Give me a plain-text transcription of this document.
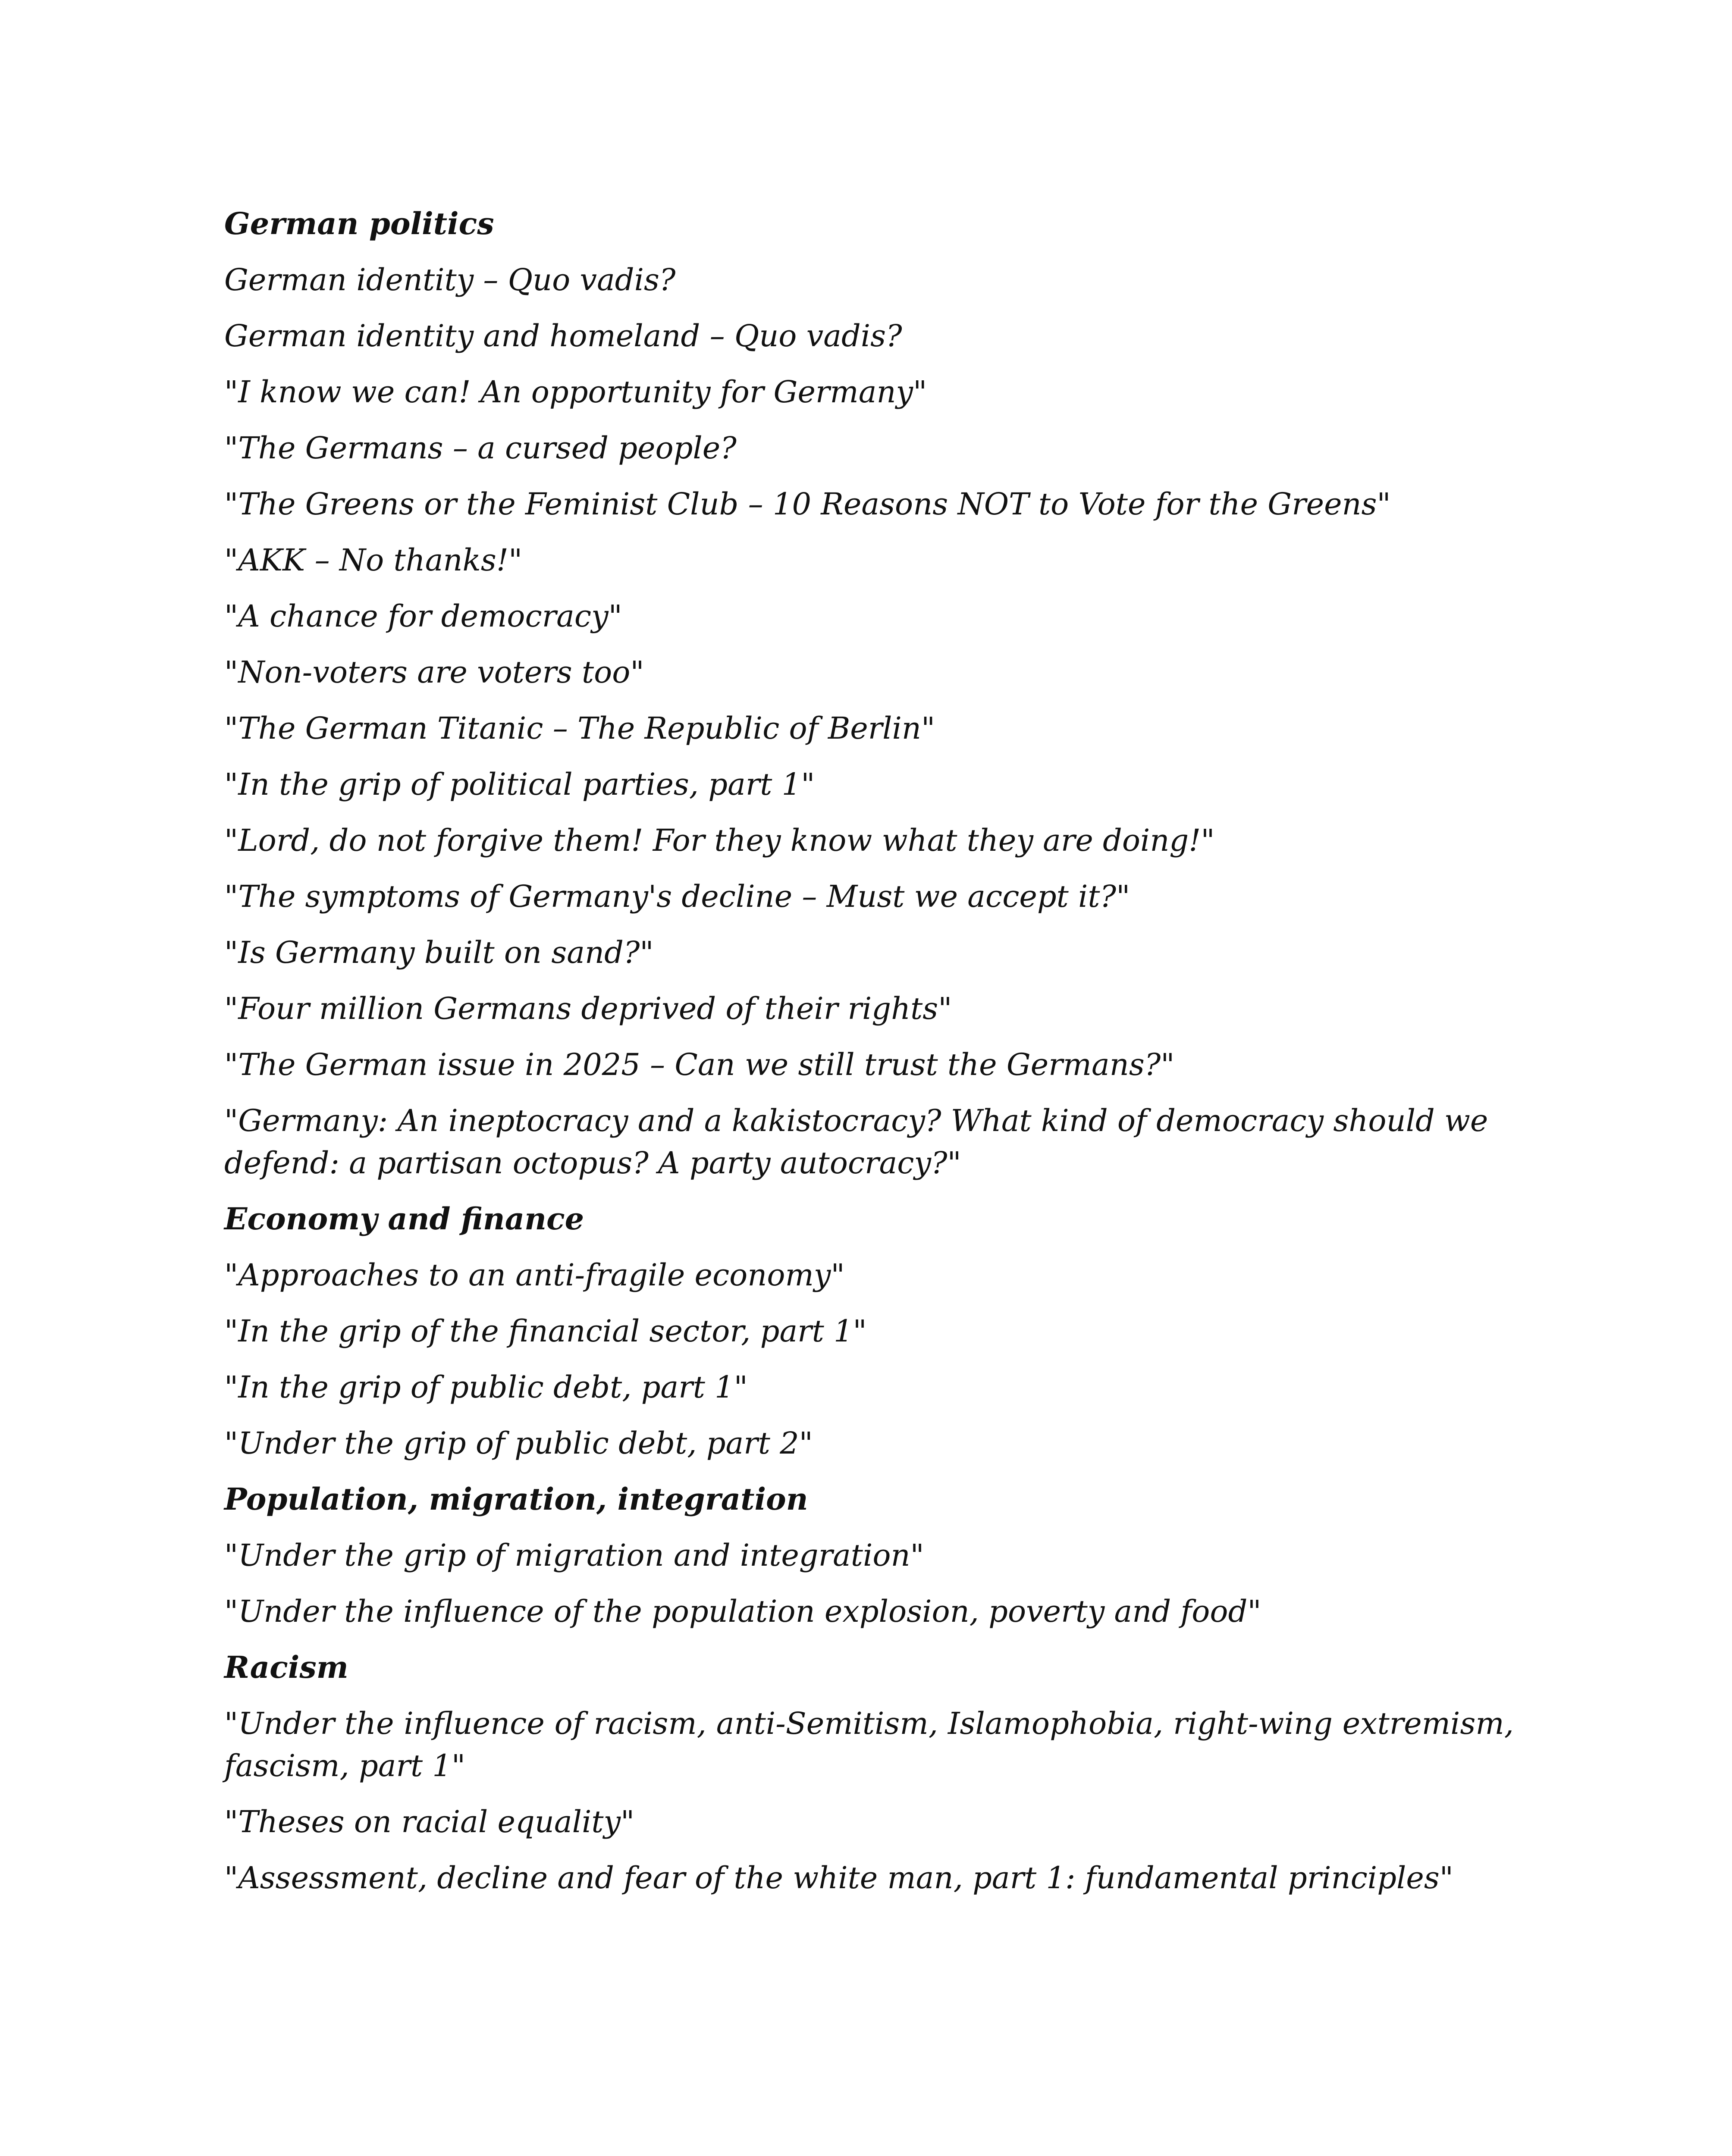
German politics
German identity – Quo vadis?
German identity and homeland – Quo vadis?
"I know we can! An opportunity for Germany"
"The Germans – a cursed people?
"The Greens or the Feminist Club – 10 Reasons NOT to Vote for the Greens"
"AKK – No thanks!"
"A chance for democracy"
"Non-voters are voters too"
"The German Titanic – The Republic of Berlin"
"In the grip of political parties, part 1"
"Lord, do not forgive them! For they know what they are doing!"
"The symptoms of Germany's decline – Must we accept it?"
"Is Germany built on sand?"
"Four million Germans deprived of their rights"
"The German issue in 2025 – Can we still trust the Germans?"
"Germany: An ineptocracy and a kakistocracy? What kind of democracy should we defend: a partisan octopus? A party autocracy?"
Economy and finance
"Approaches to an anti-fragile economy"
"In the grip of the financial sector, part 1"
"In the grip of public debt, part 1"
"Under the grip of public debt, part 2"
Population, migration, integration
"Under the grip of migration and integration"
"Under the influence of the population explosion, poverty and food"
Racism
"Under the influence of racism, anti-Semitism, Islamophobia, right-wing extremism, fascism, part 1"
"Theses on racial equality"
"Assessment, decline and fear of the white man, part 1: fundamental principles"
